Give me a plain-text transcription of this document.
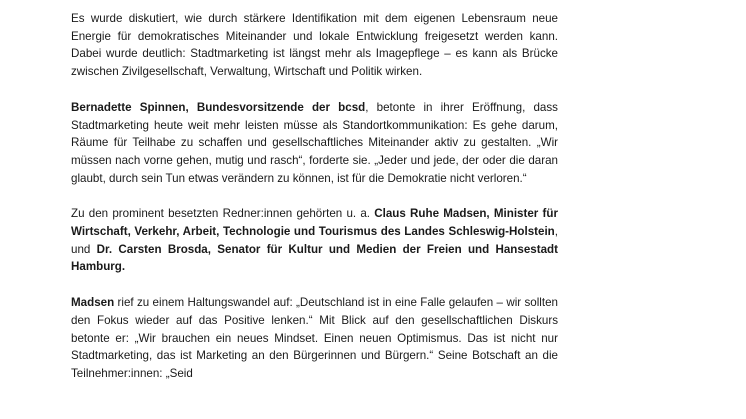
Es wurde diskutiert, wie durch stärkere Identifikation mit dem eigenen Lebensraum neue Energie für demokratisches Miteinander und lokale Entwicklung freigesetzt werden kann. Dabei wurde deutlich: Stadtmarketing ist längst mehr als Imagepflege – es kann als Brücke zwischen Zivilgesellschaft, Verwaltung, Wirtschaft und Politik wirken.

Bernadette Spinnen, Bundesvorsitzende der bcsd, betonte in ihrer Eröffnung, dass Stadtmarketing heute weit mehr leisten müsse als Standortkommunikation: Es gehe darum, Räume für Teilhabe zu schaffen und gesellschaftliches Miteinander aktiv zu gestalten. „Wir müssen nach vorne gehen, mutig und rasch“, forderte sie. „Jeder und jede, der oder die daran glaubt, durch sein Tun etwas verändern zu können, ist für die Demokratie nicht verloren.“

Zu den prominent besetzten Redner:innen gehörten u. a. Claus Ruhe Madsen, Minister für Wirtschaft, Verkehr, Arbeit, Technologie und Tourismus des Landes Schleswig-Holstein, und Dr. Carsten Brosda, Senator für Kultur und Medien der Freien und Hansestadt Hamburg.

Madsen rief zu einem Haltungswandel auf: „Deutschland ist in eine Falle gelaufen – wir sollten den Fokus wieder auf das Positive lenken.“ Mit Blick auf den gesellschaftlichen Diskurs betonte er: „Wir brauchen ein neues Mindset. Einen neuen Optimismus. Das ist nicht nur Stadtmarketing, das ist Marketing an den Bürgerinnen und Bürgern.“ Seine Botschaft an die Teilnehmer:innen: „Seid
